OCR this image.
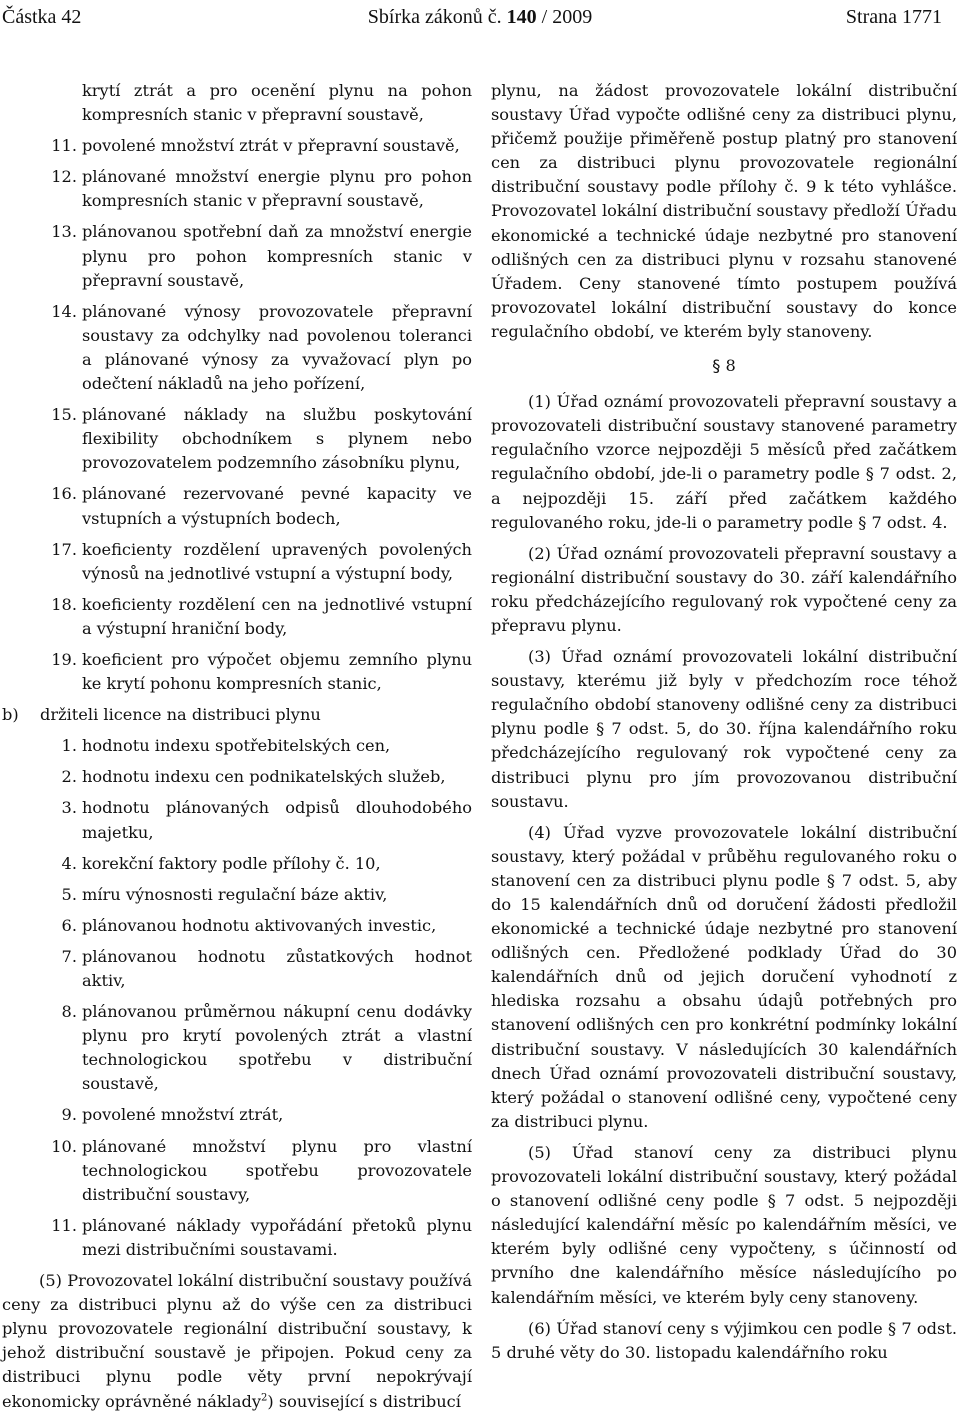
Částka 42	Sbírka zákonů č. 140 / 2009	Strana 1771
krytí ztrát a pro ocenění plynu na pohon kompresních stanic v přepravní soustavě,
11. povolené množství ztrát v přepravní soustavě,
12. plánované množství energie plynu pro pohon kompresních stanic v přepravní soustavě,
13. plánovanou spotřební daň za množství energie plynu pro pohon kompresních stanic v přepravní soustavě,
14. plánované výnosy provozovatele přepravní soustavy za odchylky nad povolenou toleranci a plánované výnosy za vyvažovací plyn po odečtení nákladů na jeho pořízení,
15. plánované náklady na službu poskytování flexibility obchodníkem s plynem nebo provozovatelem podzemního zásobníku plynu,
16. plánované rezervované pevné kapacity ve vstupních a výstupních bodech,
17. koeficienty rozdělení upravených povolených výnosů na jednotlivé vstupní a výstupní body,
18. koeficienty rozdělení cen na jednotlivé vstupní a výstupní hraniční body,
19. koeficient pro výpočet objemu zemního plynu ke krytí pohonu kompresních stanic,
b)	držiteli licence na distribuci plynu
1. hodnotu indexu spotřebitelských cen,
2. hodnotu indexu cen podnikatelských služeb,
3. hodnotu plánovaných odpisů dlouhodobého majetku,
4. korekční faktory podle přílohy č. 10,
5. míru výnosnosti regulační báze aktiv,
6. plánovanou hodnotu aktivovaných investic,
7. plánovanou hodnotu zůstatkových hodnot aktiv,
8. plánovanou průměrnou nákupní cenu dodávky plynu pro krytí povolených ztrát a vlastní technologickou spotřebu v distribuční soustavě,
9. povolené množství ztrát,
10. plánované množství plynu pro vlastní technologickou spotřebu provozovatele distribuční soustavy,
11. plánované náklady vypořádání přetoků plynu mezi distribučními soustavami.

(5) Provozovatel lokální distribuční soustavy používá ceny za distribuci plynu až do výše cen za distribuci plynu provozovatele regionální distribuční soustavy, k jehož distribuční soustavě je připojen. Pokud ceny za distribuci plynu podle věty první nepokrývají ekonomicky oprávněné náklady$^2$) související s distribucí

plynu, na žádost provozovatele lokální distribuční soustavy Úřad vypočte odlišné ceny za distribuci plynu, přičemž použije přiměřeně postup platný pro stanovení cen za distribuci plynu provozovatele regionální distribuční soustavy podle přílohy č. 9 k této vyhlášce. Provozovatel lokální distribuční soustavy předloží Úřadu ekonomické a technické údaje nezbytné pro stanovení odlišných cen za distribuci plynu v rozsahu stanovené Úřadem. Ceny stanovené tímto postupem používá provozovatel lokální distribuční soustavy do konce regulačního období, ve kterém byly stanoveny.

§ 8

(1) Úřad oznámí provozovateli přepravní soustavy a provozovateli distribuční soustavy stanovené parametry regulačního vzorce nejpozději 5 měsíců před začátkem regulačního období, jde-li o parametry podle § 7 odst. 2, a nejpozději 15. září před začátkem každého regulovaného roku, jde-li o parametry podle § 7 odst. 4.

(2) Úřad oznámí provozovateli přepravní soustavy a regionální distribuční soustavy do 30. září kalendářního roku předcházejícího regulovaný rok vypočtené ceny za přepravu plynu.

(3) Úřad oznámí provozovateli lokální distribuční soustavy, kterému již byly v předchozím roce téhož regulačního období stanoveny odlišné ceny za distribuci plynu podle § 7 odst. 5, do 30. října kalendářního roku předcházejícího regulovaný rok vypočtené ceny za distribuci plynu pro jím provozovanou distribuční soustavu.

(4) Úřad vyzve provozovatele lokální distribuční soustavy, který požádal v průběhu regulovaného roku o stanovení cen za distribuci plynu podle § 7 odst. 5, aby do 15 kalendářních dnů od doručení žádosti předložil ekonomické a technické údaje nezbytné pro stanovení odlišných cen. Předložené podklady Úřad do 30 kalendářních dnů od jejich doručení vyhodnotí z hlediska rozsahu a obsahu údajů potřebných pro stanovení odlišných cen pro konkrétní podmínky lokální distribuční soustavy. V následujících 30 kalendářních dnech Úřad oznámí provozovateli distribuční soustavy, který požádal o stanovení odlišné ceny, vypočtené ceny za distribuci plynu.

(5) Úřad stanoví ceny za distribuci plynu provozovateli lokální distribuční soustavy, který požádal o stanovení odlišné ceny podle § 7 odst. 5 nejpozději následující kalendářní měsíc po kalendářním měsíci, ve kterém byly odlišné ceny vypočteny, s účinností od prvního dne kalendářního měsíce následujícího po kalendářním měsíci, ve kterém byly ceny stanoveny.

(6) Úřad stanoví ceny s výjimkou cen podle § 7 odst. 5 druhé věty do 30. listopadu kalendářního roku
